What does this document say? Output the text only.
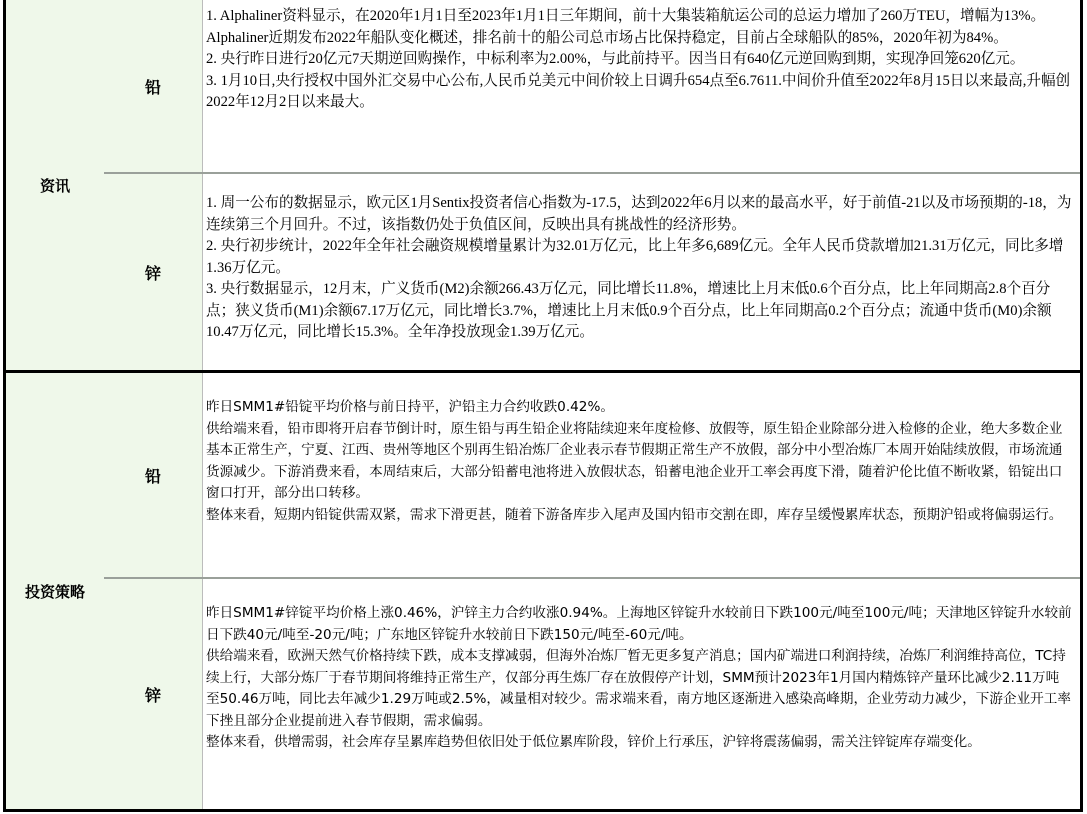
资讯
铅

1. Alphaliner资料显示，在2020年1月1日至2023年1月1日三年期间，前十大集装箱航运公司的总运力增加了260万TEU，增幅为13%。Alphaliner近期发布2022年船队变化概述，排名前十的船公司总市场占比保持稳定，目前占全球船队的85%，2020年初为84%。

2. 央行昨日进行20亿元7天期逆回购操作，中标利率为2.00%，与此前持平。因当日有640亿元逆回购到期，实现净回笼620亿元。

3. 1月10日,央行授权中国外汇交易中心公布,人民币兑美元中间价较上日调升654点至6.7611.中间价升值至2022年8月15日以来最高,升幅创2022年12月2日以来最大。

锌

1. 周一公布的数据显示，欧元区1月Sentix投资者信心指数为-17.5，达到2022年6月以来的最高水平，好于前值-21以及市场预期的-18，为连续第三个月回升。不过，该指数仍处于负值区间，反映出具有挑战性的经济形势。

2. 央行初步统计，2022年全年社会融资规模增量累计为32.01万亿元，比上年多6,689亿元。全年人民币贷款增加21.31万亿元，同比多增1.36万亿元。

3. 央行数据显示，12月末，广义货币(M2)余额266.43万亿元，同比增长11.8%，增速比上月末低0.6个百分点，比上年同期高2.8个百分点；狭义货币(M1)余额67.17万亿元，同比增长3.7%，增速比上月末低0.9个百分点，比上年同期高0.2个百分点；流通中货币(M0)余额10.47万亿元，同比增长15.3%。全年净投放现金1.39万亿元。

投资策略
铅

昨日SMM1#铅锭平均价格与前日持平，沪铅主力合约收跌0.42%。

供给端来看，铅市即将开启春节倒计时，原生铅与再生铅企业将陆续迎来年度检修、放假等，原生铅企业除部分进入检修的企业，绝大多数企业基本正常生产，宁夏、江西、贵州等地区个别再生铅冶炼厂企业表示春节假期正常生产不放假，部分中小型冶炼厂本周开始陆续放假，市场流通货源减少。下游消费来看，本周结束后，大部分铅蓄电池将进入放假状态，铅蓄电池企业开工率会再度下滑，随着沪伦比值不断收紧，铅锭出口窗口打开，部分出口转移。

整体来看，短期内铅锭供需双紧，需求下滑更甚，随着下游备库步入尾声及国内铅市交割在即，库存呈缓慢累库状态，预期沪铅或将偏弱运行。

锌

昨日SMM1#锌锭平均价格上涨0.46%，沪锌主力合约收涨0.94%。上海地区锌锭升水较前日下跌100元/吨至100元/吨；天津地区锌锭升水较前日下跌40元/吨至-20元/吨；广东地区锌锭升水较前日下跌150元/吨至-60元/吨。

供给端来看，欧洲天然气价格持续下跌，成本支撑减弱，但海外冶炼厂暂无更多复产消息；国内矿端进口利润持续，冶炼厂利润维持高位，TC持续上行，大部分炼厂于春节期间将维持正常生产，仅部分再生炼厂存在放假停产计划，SMM预计2023年1月国内精炼锌产量环比减少2.11万吨至50.46万吨，同比去年减少1.29万吨或2.5%，减量相对较少。需求端来看，南方地区逐渐进入感染高峰期，企业劳动力减少，下游企业开工率下挫且部分企业提前进入春节假期，需求偏弱。

整体来看，供增需弱，社会库存呈累库趋势但依旧处于低位累库阶段，锌价上行承压，沪锌将震荡偏弱，需关注锌锭库存端变化。
